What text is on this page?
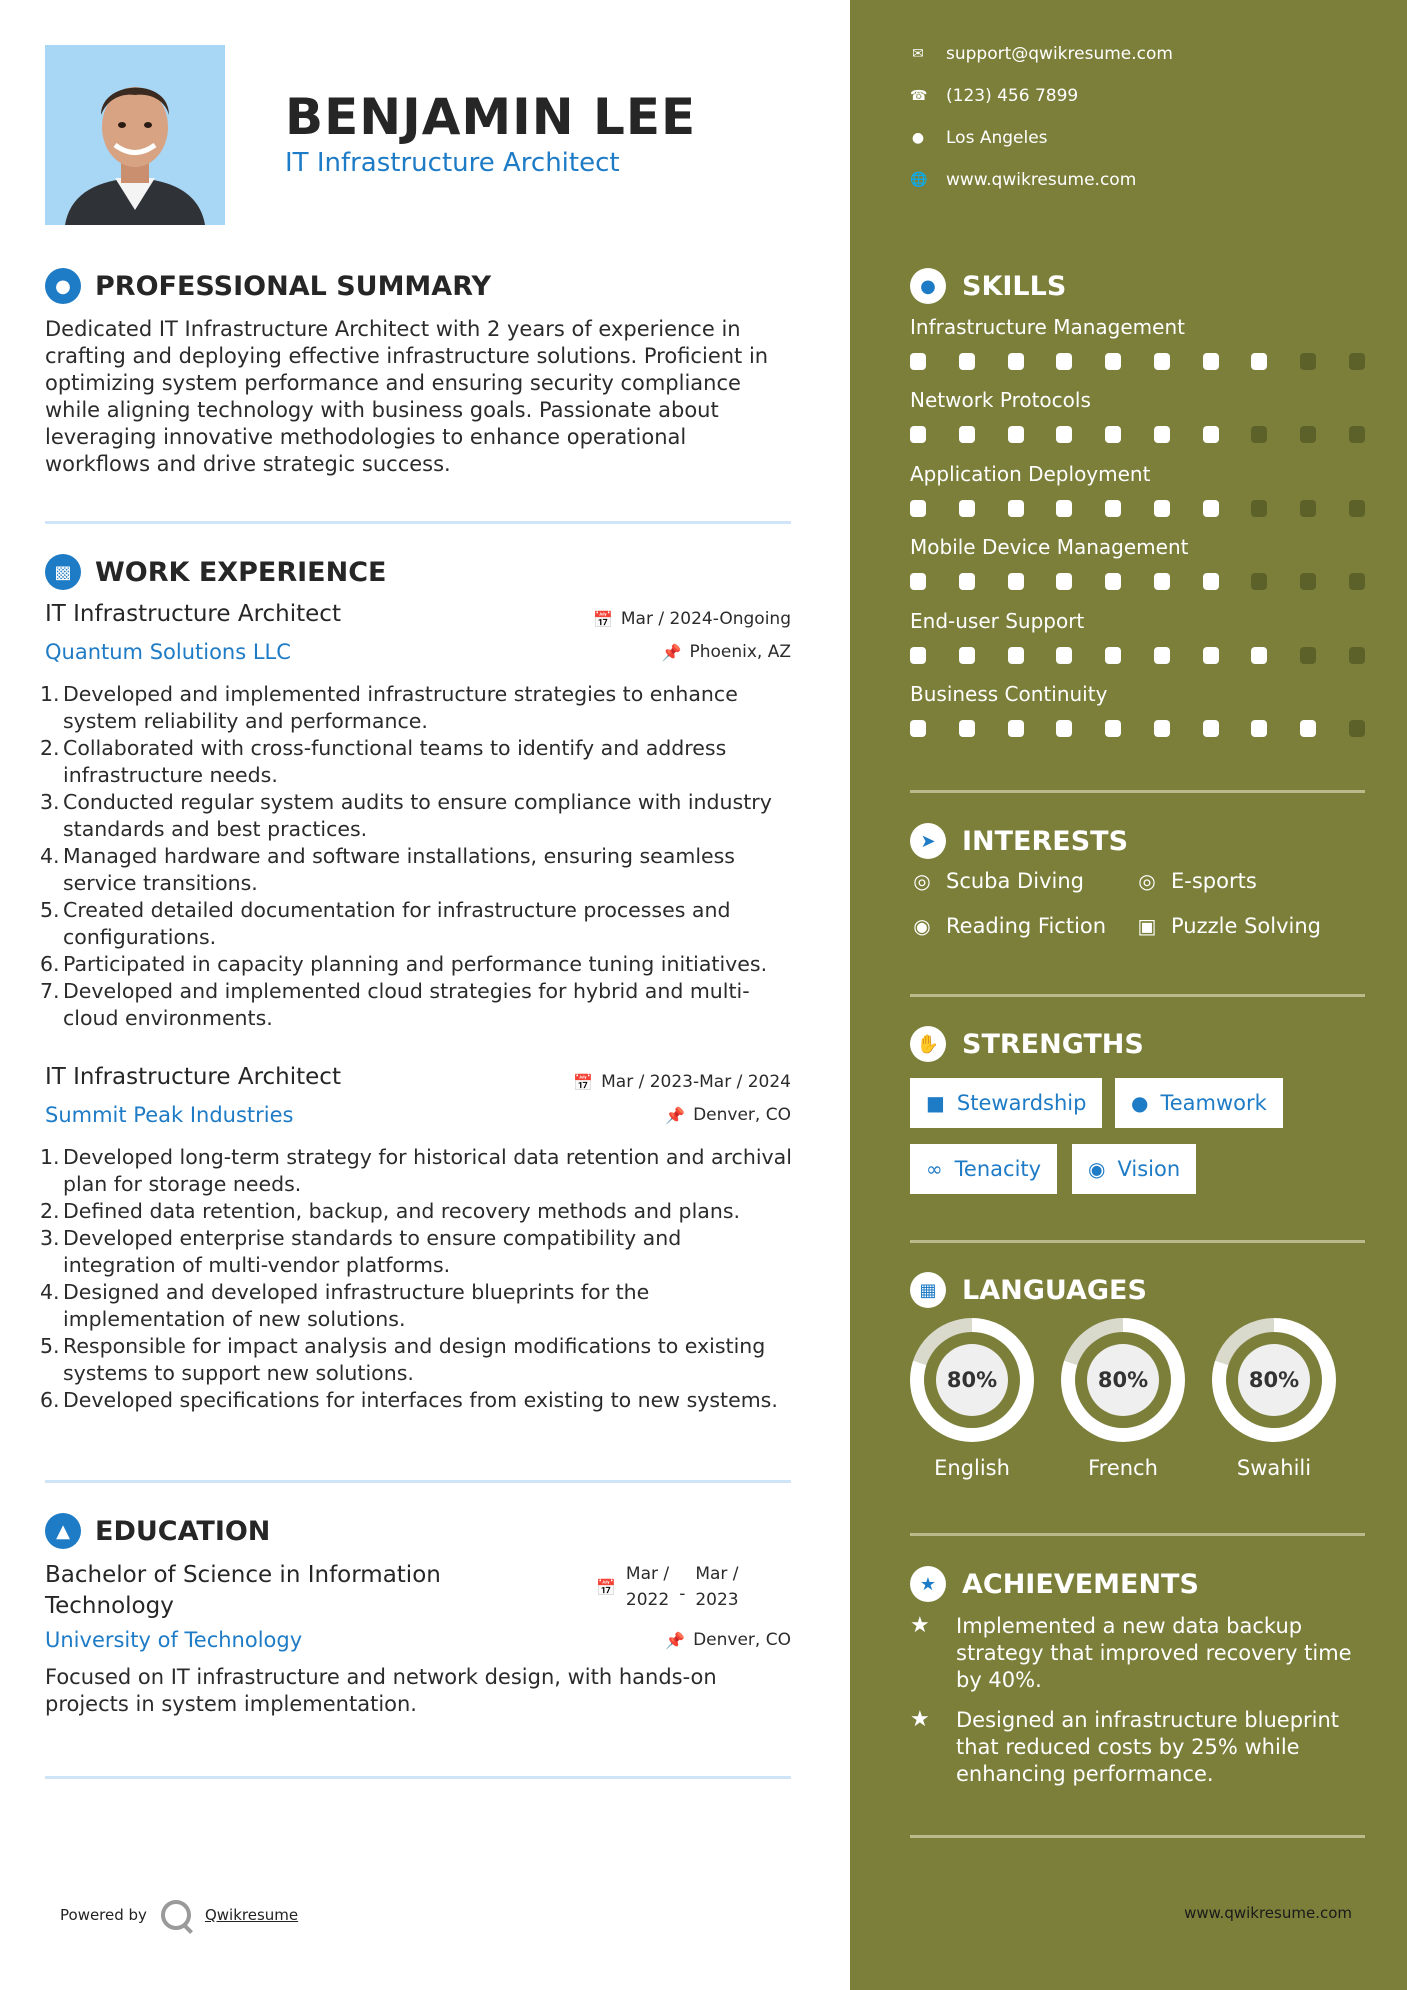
BENJAMIN LEE
IT Infrastructure Architect
● PROFESSIONAL SUMMARY
Dedicated IT Infrastructure Architect with 2 years of experience in crafting and deploying effective infrastructure solutions. Proficient in optimizing system performance and ensuring security compliance while aligning technology with business goals. Passionate about leveraging innovative methodologies to enhance operational workflows and drive strategic success.
▩ WORK EXPERIENCE
IT Infrastructure Architect	📅 Mar / 2024-Ongoing
Quantum Solutions LLC	📌 Phoenix, AZ
Developed and implemented infrastructure strategies to enhance system reliability and performance.
Collaborated with cross-functional teams to identify and address infrastructure needs.
Conducted regular system audits to ensure compliance with industry standards and best practices.
Managed hardware and software installations, ensuring seamless service transitions.
Created detailed documentation for infrastructure processes and configurations.
Participated in capacity planning and performance tuning initiatives.
Developed and implemented cloud strategies for hybrid and multi-cloud environments.
IT Infrastructure Architect	📅 Mar / 2023-Mar / 2024
Summit Peak Industries	📌 Denver, CO
Developed long-term strategy for historical data retention and archival plan for storage needs.
Defined data retention, backup, and recovery methods and plans.
Developed enterprise standards to ensure compatibility and integration of multi-vendor platforms.
Designed and developed infrastructure blueprints for the implementation of new solutions.
Responsible for impact analysis and design modifications to existing systems to support new solutions.
Developed specifications for interfaces from existing to new systems.
▲ EDUCATION
Bachelor of Science in Information Technology
📅
Mar /
2022 -
Mar /
2023
University of Technology	📌 Denver, CO
Focused on IT infrastructure and network design, with hands-on projects in system implementation.
Powered by	Qwikresume
✉ support@qwikresume.com
☎ (123) 456 7899
● Los Angeles
🌐 www.qwikresume.com
● SKILLS
Infrastructure Management
Network Protocols
Application Deployment
Mobile Device Management
End-user Support
Business Continuity
➤ INTERESTS
◎ Scuba Diving	◎ E-sports
◉ Reading Fiction ▣ Puzzle Solving
✋ STRENGTHS
■ Stewardship ● Teamwork
∞ Tenacity ◉ Vision
▦ LANGUAGES
80%
English
80%
French
80%
Swahili
★ ACHIEVEMENTS
★	Implemented a new data backup strategy that improved recovery time by 40%.
★	Designed an infrastructure blueprint that reduced costs by 25% while enhancing performance.
www.qwikresume.com
